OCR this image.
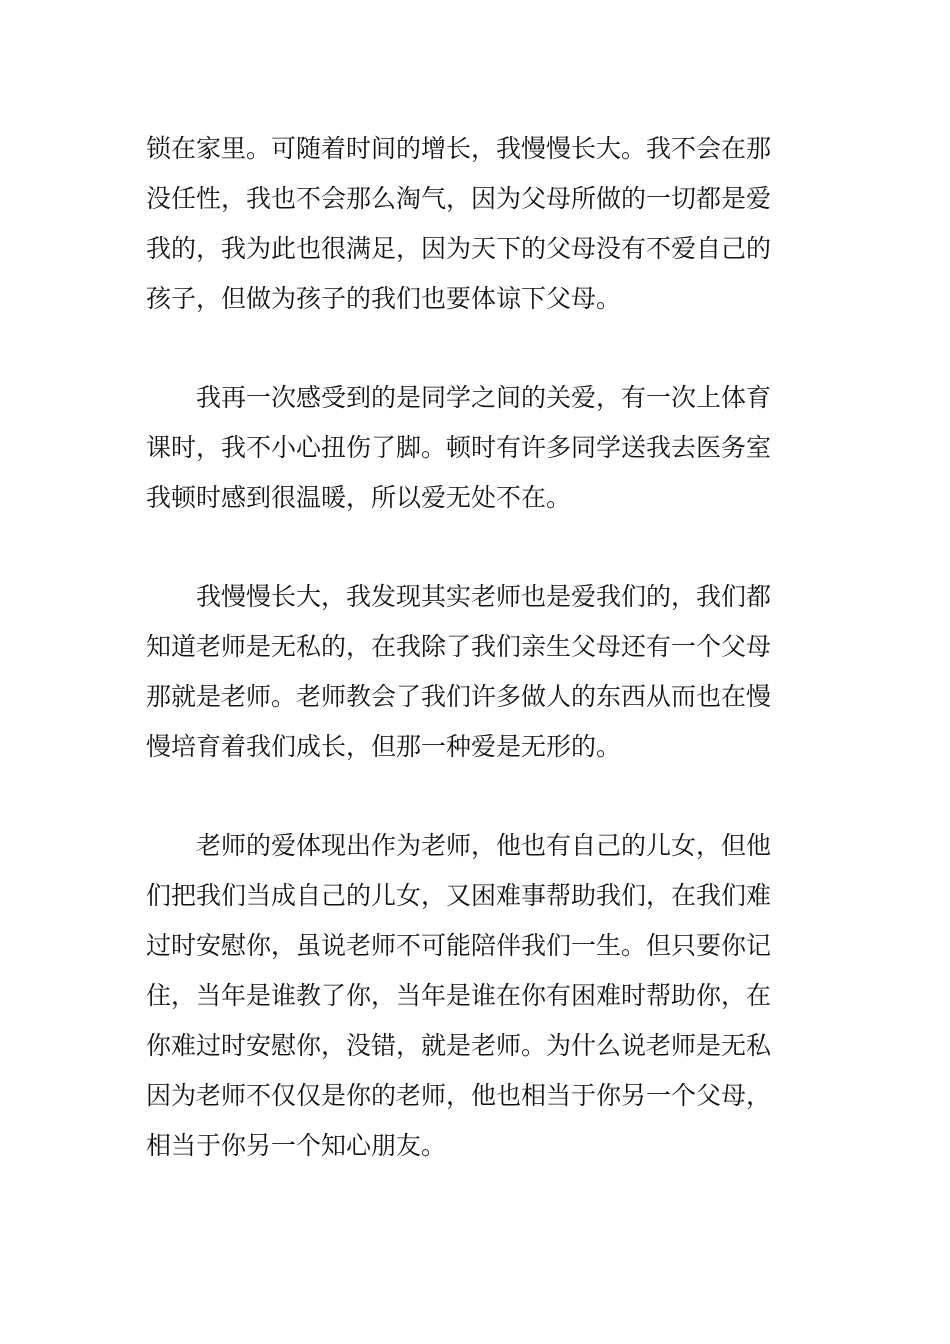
锁在家里。可随着时间的增长，我慢慢长大。我不会在那
没任性，我也不会那么淘气，因为父母所做的一切都是爱
我的，我为此也很满足，因为天下的父母没有不爱自己的
孩子，但做为孩子的我们也要体谅下父母。
我再一次感受到的是同学之间的关爱，有一次上体育
课时，我不小心扭伤了脚。顿时有许多同学送我去医务室
我顿时感到很温暖，所以爱无处不在。
我慢慢长大，我发现其实老师也是爱我们的，我们都
知道老师是无私的，在我除了我们亲生父母还有一个父母
那就是老师。老师教会了我们许多做人的东西从而也在慢
慢培育着我们成长，但那一种爱是无形的。
老师的爱体现出作为老师，他也有自己的儿女，但他
们把我们当成自己的儿女，又困难事帮助我们，在我们难
过时安慰你，虽说老师不可能陪伴我们一生。但只要你记
住，当年是谁教了你，当年是谁在你有困难时帮助你，在
你难过时安慰你，没错，就是老师。为什么说老师是无私
因为老师不仅仅是你的老师，他也相当于你另一个父母，
相当于你另一个知心朋友。
